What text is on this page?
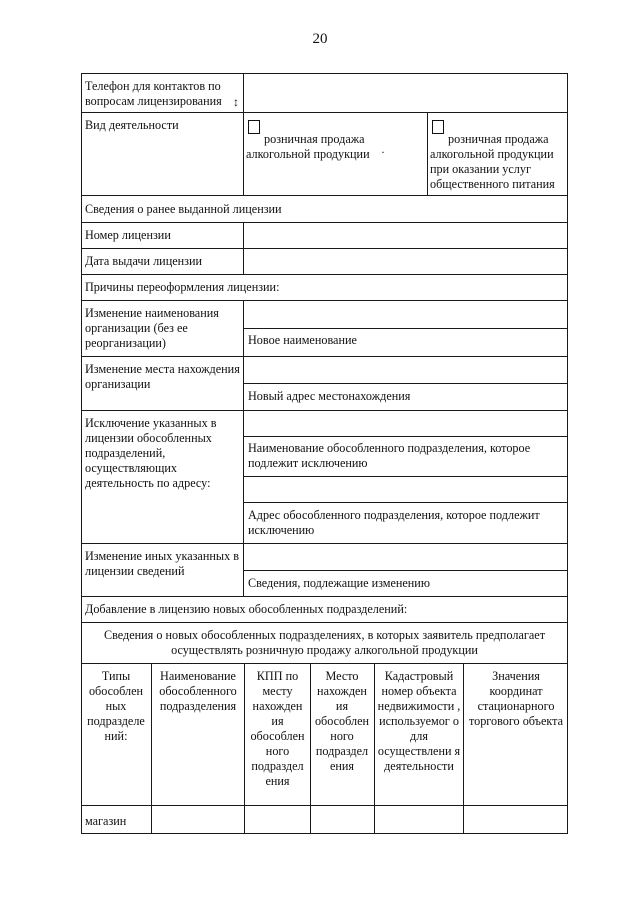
20
Телефон для контактов по вопросам лицензирования ↕
Вид деятельности
розничная продажа алкогольной продукции ·
розничная продажа алкогольной продукции при оказании услуг общественного питания
Сведения о ранее выданной лицензии
Номер лицензии
Дата выдачи лицензии
Причины переоформления лицензии:
Изменение наименования организации (без ее реорганизации)	Новое наименование
Изменение места нахождения организации
Новый адрес местонахождения
Исключение указанных в лицензии обособленных подразделений, осуществляющих деятельность по адресу:
Наименование обособленного подразделения, которое подлежит исключению
Адрес обособленного подразделения, которое подлежит исключению
Изменение иных указанных в лицензии сведений
Сведения, подлежащие изменению
Добавление в лицензию новых обособленных подразделений:
Сведения о новых обособленных подразделениях, в которых заявитель предполагает осуществлять розничную продажу алкогольной продукции
Типы обособлен ных подразделе ний:
Наименование обособленного подразделения
КПП по месту нахожден ия обособлен ного подраздел ения
Место нахожден ия обособлен ного подраздел ения
Кадастровый номер объекта недвижимости , используемог о для осуществлени я деятельности
Значения координат стационарного торгового объекта
магазин
